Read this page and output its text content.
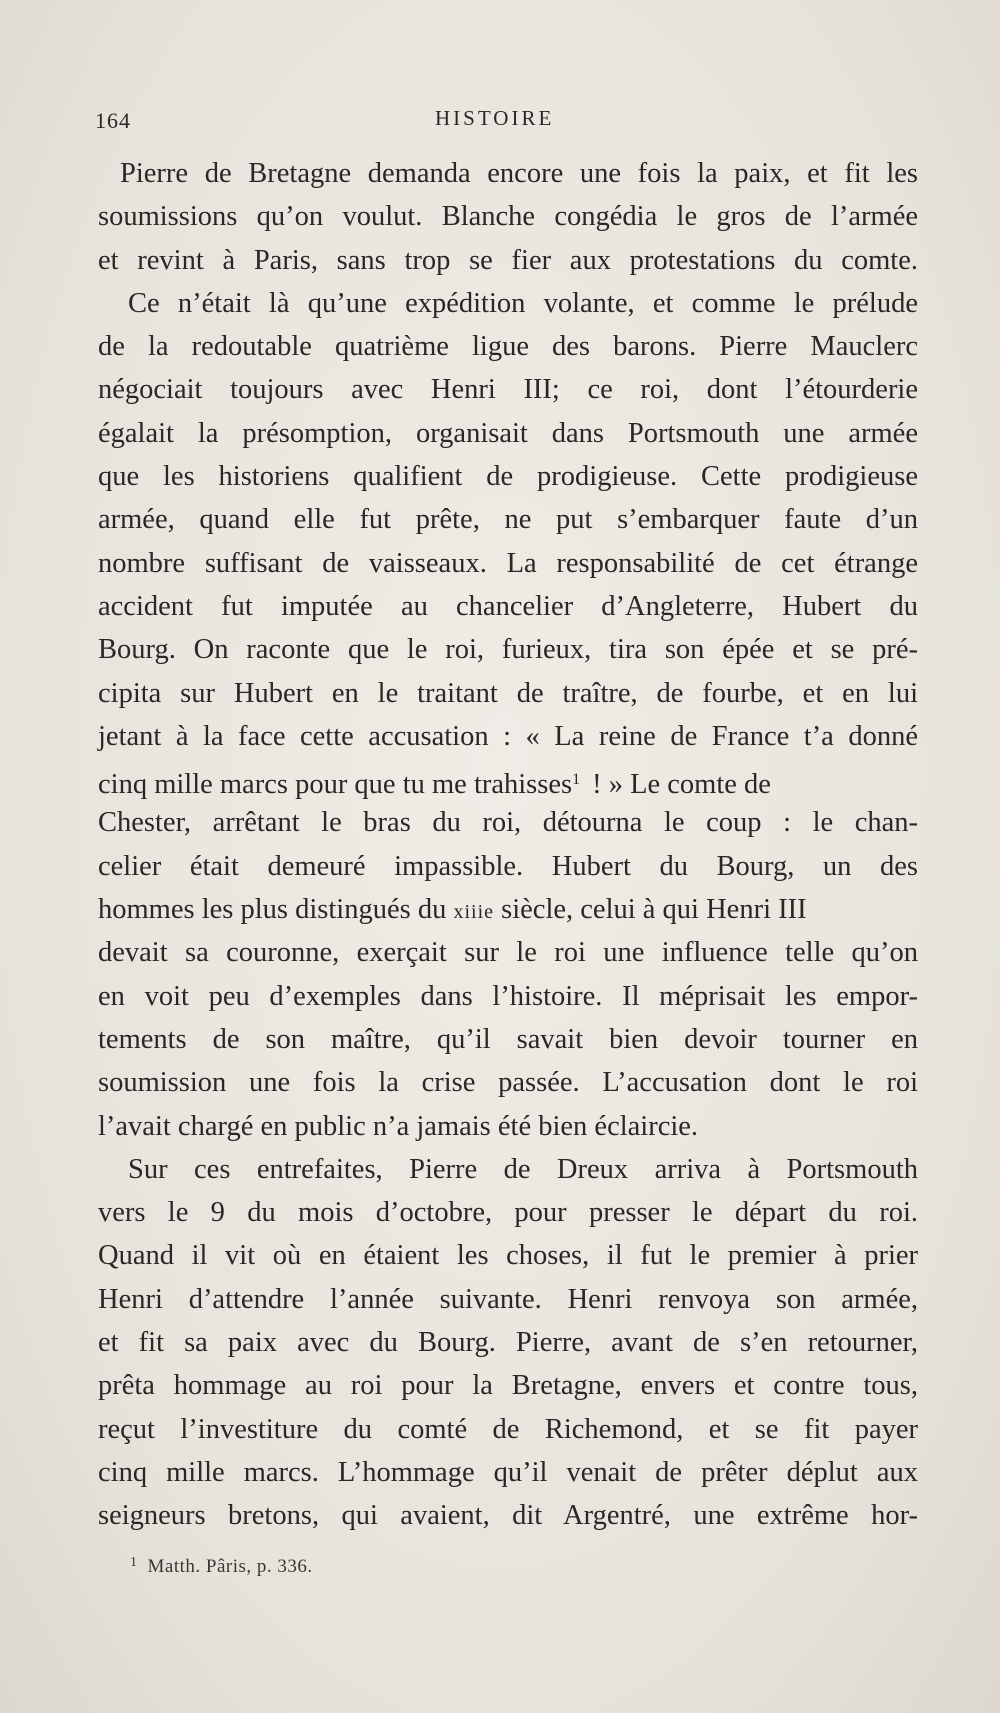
164	HISTOIRE
Pierre de Bretagne demanda encore une fois la paix, et fit les
soumissions qu’on voulut. Blanche congédia le gros de l’armée
et revint à Paris, sans trop se fier aux protestations du comte.
Ce n’était là qu’une expédition volante, et comme le prélude
de la redoutable quatrième ligue des barons. Pierre Mauclerc
négociait toujours avec Henri III; ce roi, dont l’étourderie
égalait la présomption, organisait dans Portsmouth une armée
que les historiens qualifient de prodigieuse. Cette prodigieuse
armée, quand elle fut prête, ne put s’embarquer faute d’un
nombre suffisant de vaisseaux. La responsabilité de cet étrange
accident fut imputée au chancelier d’Angleterre, Hubert du
Bourg. On raconte que le roi, furieux, tira son épée et se pré-
cipita sur Hubert en le traitant de traître, de fourbe, et en lui
jetant à la face cette accusation : « La reine de France t’a donné
cinq mille marcs pour que tu me trahisses$^1$ ! » Le comte de
Chester, arrêtant le bras du roi, détourna le coup : le chan-
celier était demeuré impassible. Hubert du Bourg, un des
hommes les plus distingués du xiiie siècle, celui à qui Henri III
devait sa couronne, exerçait sur le roi une influence telle qu’on
en voit peu d’exemples dans l’histoire. Il méprisait les empor-
tements de son maître, qu’il savait bien devoir tourner en
soumission une fois la crise passée. L’accusation dont le roi
l’avait chargé en public n’a jamais été bien éclaircie.
Sur ces entrefaites, Pierre de Dreux arriva à Portsmouth
vers le 9 du mois d’octobre, pour presser le départ du roi.
Quand il vit où en étaient les choses, il fut le premier à prier
Henri d’attendre l’année suivante. Henri renvoya son armée,
et fit sa paix avec du Bourg. Pierre, avant de s’en retourner,
prêta hommage au roi pour la Bretagne, envers et contre tous,
reçut l’investiture du comté de Richemond, et se fit payer
cinq mille marcs. L’hommage qu’il venait de prêter déplut aux
seigneurs bretons, qui avaient, dit Argentré, une extrême hor-
$^1$ Matth. Pâris, p. 336.
